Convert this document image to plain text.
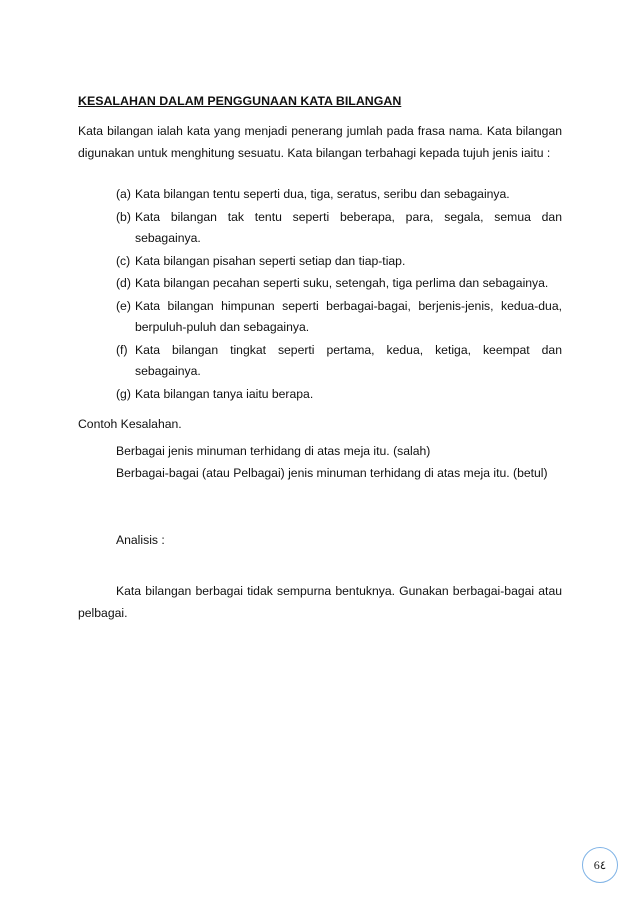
KESALAHAN DALAM PENGGUNAAN KATA BILANGAN

Kata bilangan ialah kata yang menjadi penerang jumlah pada frasa nama. Kata bilangan digunakan untuk menghitung sesuatu. Kata bilangan terbahagi kepada tujuh jenis iaitu :

(a) Kata bilangan tentu seperti dua, tiga, seratus, seribu dan sebagainya.
(b) Kata bilangan tak tentu seperti beberapa, para, segala, semua dan sebagainya.
(c) Kata bilangan pisahan seperti setiap dan tiap-tiap.
(d) Kata bilangan pecahan seperti suku, setengah, tiga perlima dan sebagainya.
(e) Kata bilangan himpunan seperti berbagai-bagai, berjenis-jenis, kedua-dua, berpuluh-puluh dan sebagainya.
(f) Kata bilangan tingkat seperti pertama, kedua, ketiga, keempat dan sebagainya.
(g) Kata bilangan tanya iaitu berapa.

Contoh Kesalahan.

Berbagai jenis minuman terhidang di atas meja itu. (salah)

Berbagai-bagai (atau Pelbagai) jenis minuman terhidang di atas meja itu. (betul)

Analisis :

Kata bilangan berbagai tidak sempurna bentuknya. Gunakan berbagai-bagai atau pelbagai.

6٤
